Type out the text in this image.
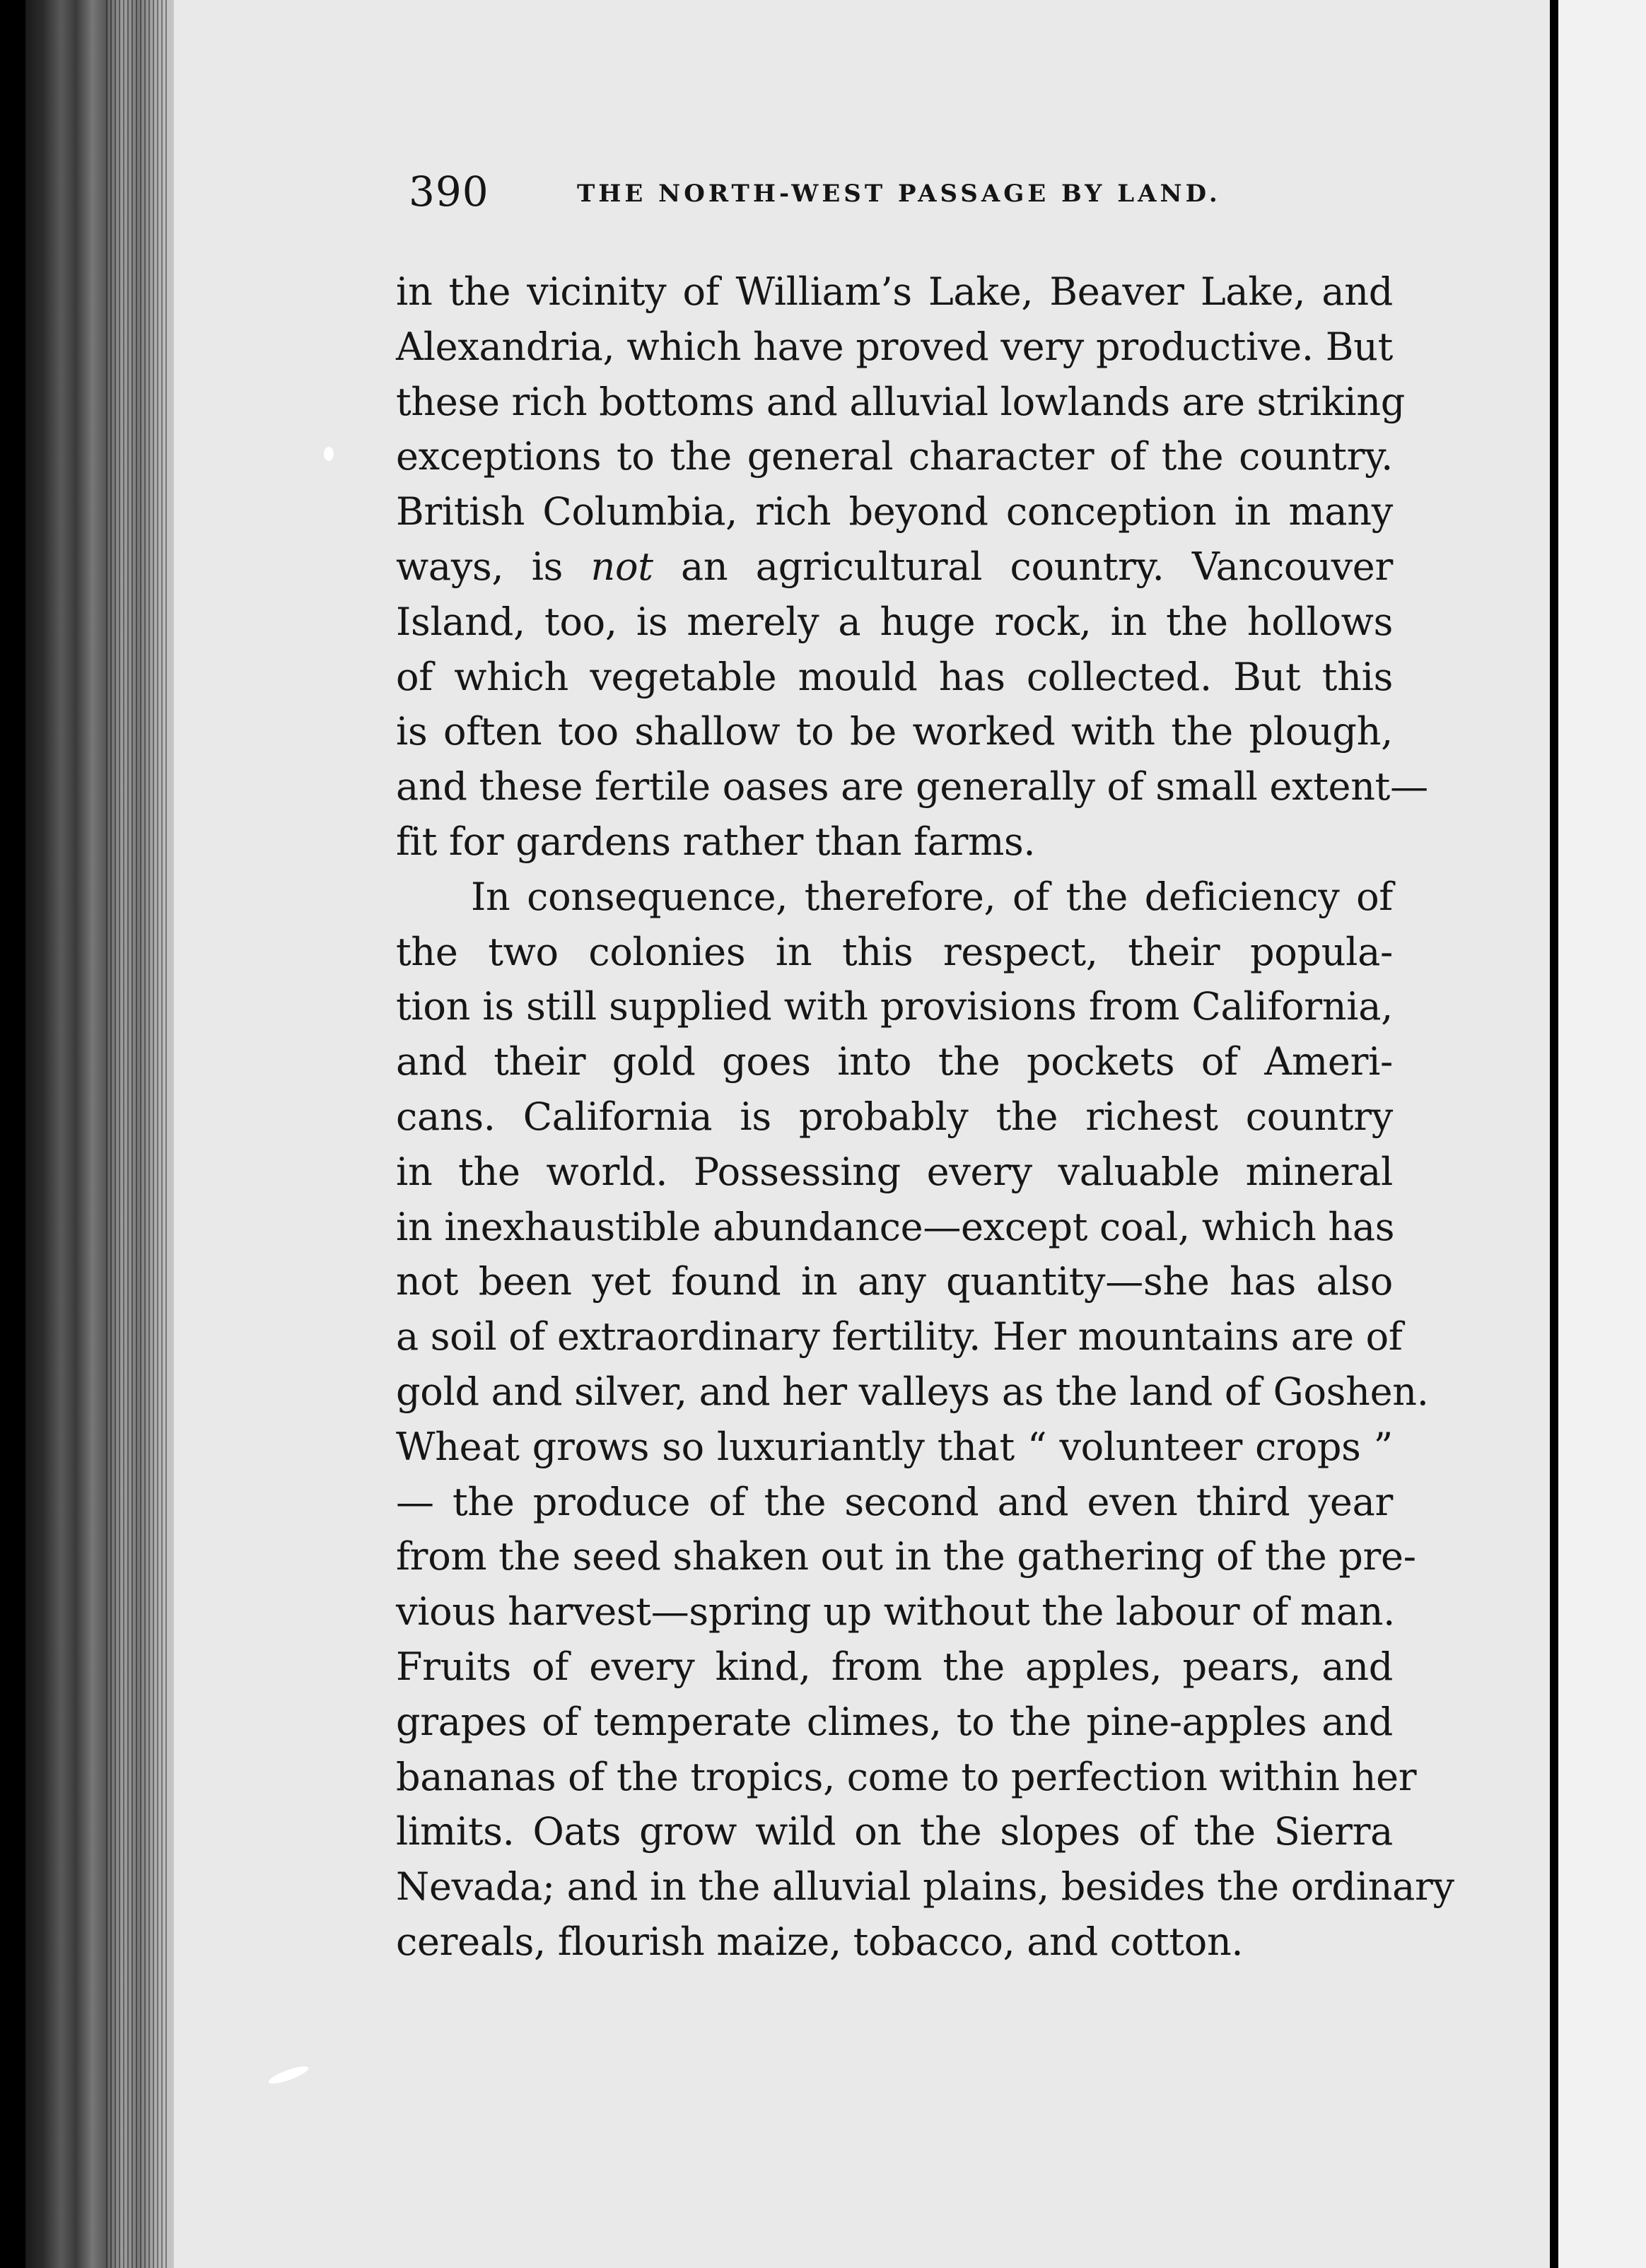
390	THE NORTH-WEST PASSAGE BY LAND.
in the vicinity of William’s Lake, Beaver Lake, and
Alexandria, which have proved very productive. But
these rich bottoms and alluvial lowlands are striking
exceptions to the general character of the country.
British Columbia, rich beyond conception in many
ways, is not an agricultural country. Vancouver
Island, too, is merely a huge rock, in the hollows
of which vegetable mould has collected. But this
is often too shallow to be worked with the plough,
and these fertile oases are generally of small extent—
fit for gardens rather than farms.
In consequence, therefore, of the deficiency of
the two colonies in this respect, their popula-
tion is still supplied with provisions from California,
and their gold goes into the pockets of Ameri-
cans. California is probably the richest country
in the world. Possessing every valuable mineral
in inexhaustible abundance—except coal, which has
not been yet found in any quantity—she has also
a soil of extraordinary fertility. Her mountains are of
gold and silver, and her valleys as the land of Goshen.
Wheat grows so luxuriantly that “ volunteer crops ”
— the produce of the second and even third year
from the seed shaken out in the gathering of the pre-
vious harvest—spring up without the labour of man.
Fruits of every kind, from the apples, pears, and
grapes of temperate climes, to the pine-apples and
bananas of the tropics, come to perfection within her
limits. Oats grow wild on the slopes of the Sierra
Nevada; and in the alluvial plains, besides the ordinary
cereals, flourish maize, tobacco, and cotton.
